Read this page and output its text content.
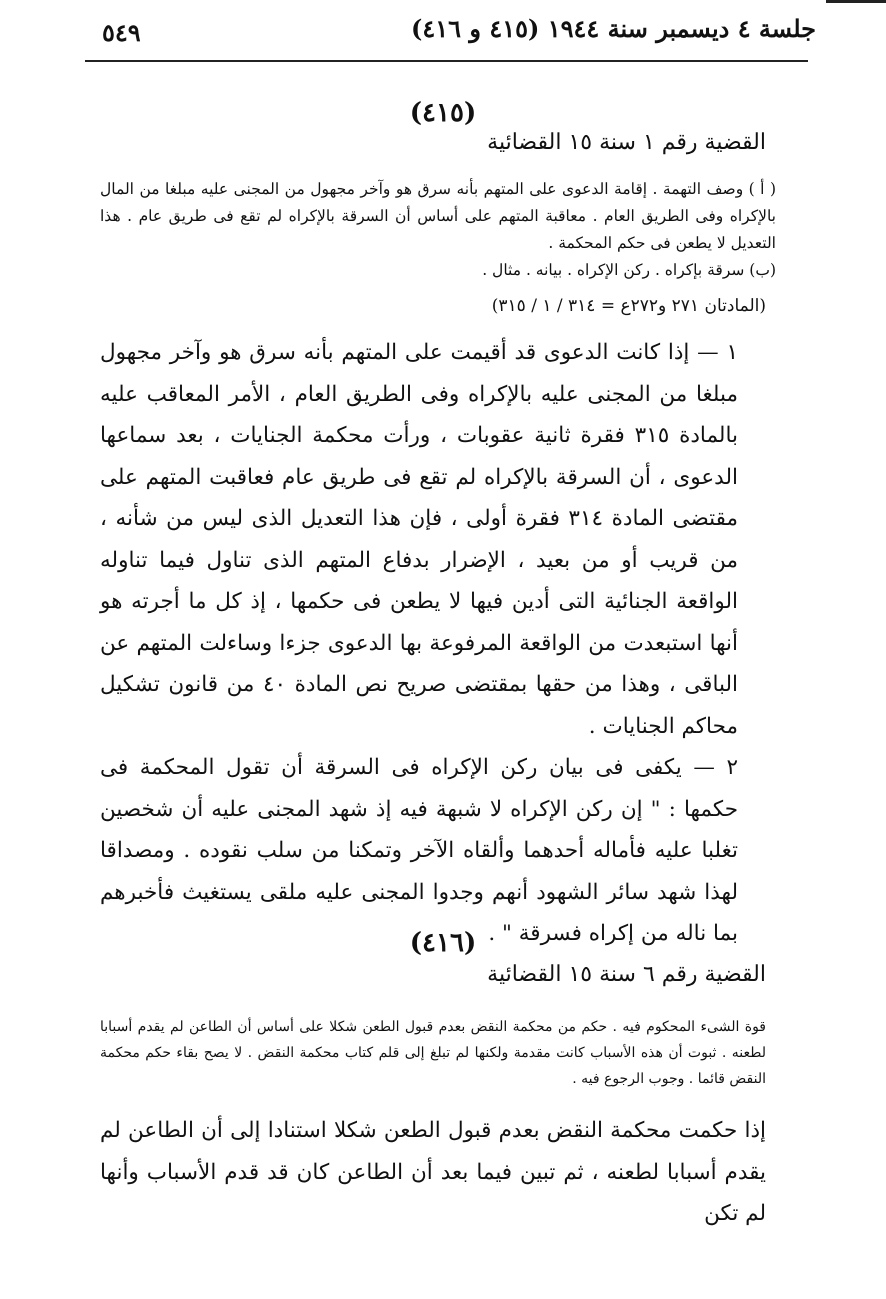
جلسة ٤ ديسمبر سنة ١٩٤٤ (٤١٥ و ٤١٦)
٥٤٩
(٤١٥)
القضية رقم ١ سنة ١٥ القضائية

( أ ) وصف التهمة . إقامة الدعوى على المتهم بأنه سرق هو وآخر مجهول من المجنى عليه مبلغا من المال بالإكراه وفى الطريق العام . معاقبة المتهم على أساس أن السرقة بالإكراه لم تقع فى طريق عام . هذا التعديل لا يطعن فى حكم المحكمة .

(ب) سرقة بإكراه . ركن الإكراه . بيانه . مثال .

(المادتان ٢٧١ و٢٧٢ع = ٣١٤ / ١ / ٣١٥)

١ — إذا كانت الدعوى قد أقيمت على المتهم بأنه سرق هو وآخر مجهول مبلغا من المجنى عليه بالإكراه وفى الطريق العام ، الأمر المعاقب عليه بالمادة ٣١٥ فقرة ثانية عقوبات ، ورأت محكمة الجنايات ، بعد سماعها الدعوى ، أن السرقة بالإكراه لم تقع فى طريق عام فعاقبت المتهم على مقتضى المادة ٣١٤ فقرة أولى ، فإن هذا التعديل الذى ليس من شأنه ، من قريب أو من بعيد ، الإضرار بدفاع المتهم الذى تناول فيما تناوله الواقعة الجنائية التى أدين فيها لا يطعن فى حكمها ، إذ كل ما أجرته هو أنها استبعدت من الواقعة المرفوعة بها الدعوى جزءا وساءلت المتهم عن الباقى ، وهذا من حقها بمقتضى صريح نص المادة ٤٠ من قانون تشكيل محاكم الجنايات .

٢ — يكفى فى بيان ركن الإكراه فى السرقة أن تقول المحكمة فى حكمها : " إن ركن الإكراه لا شبهة فيه إذ شهد المجنى عليه أن شخصين تغلبا عليه فأماله أحدهما وألقاه الآخر وتمكنا من سلب نقوده . ومصداقا لهذا شهد سائر الشهود أنهم وجدوا المجنى عليه ملقى يستغيث فأخبرهم بما ناله من إكراه فسرقة " .

(٤١٦)
القضية رقم ٦ سنة ١٥ القضائية

قوة الشىء المحكوم فيه . حكم من محكمة النقض بعدم قبول الطعن شكلا على أساس أن الطاعن لم يقدم أسبابا لطعنه . ثبوت أن هذه الأسباب كانت مقدمة ولكنها لم تبلغ إلى قلم كتاب محكمة النقض . لا يصح بقاء حكم محكمة النقض قائما . وجوب الرجوع فيه .

إذا حكمت محكمة النقض بعدم قبول الطعن شكلا استنادا إلى أن الطاعن لم يقدم أسبابا لطعنه ، ثم تبين فيما بعد أن الطاعن كان قد قدم الأسباب وأنها لم تكن
